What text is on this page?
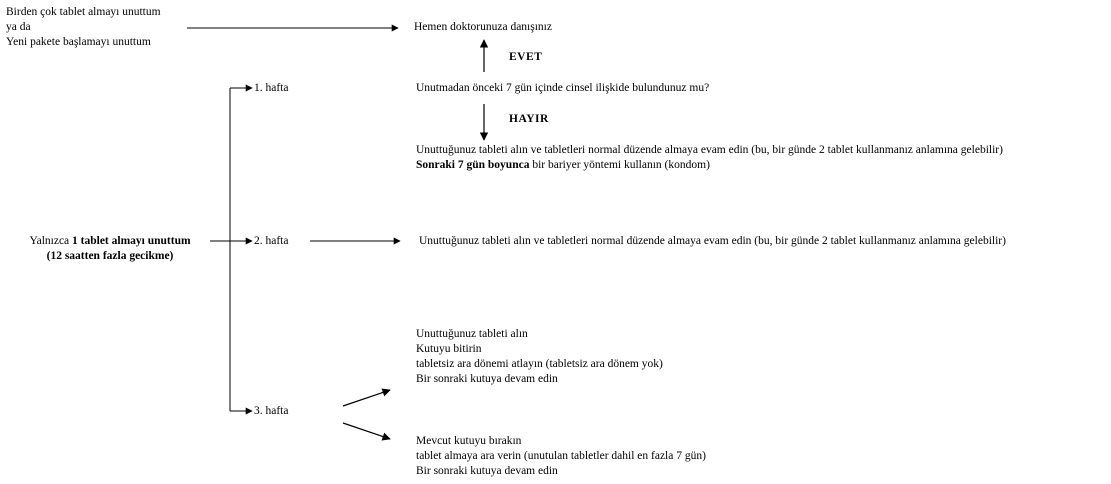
Birden çok tablet almayı unuttum
ya da
Yeni pakete başlamayı unuttum
Hemen doktorunuza danışınız
EVET
Unutmadan önceki 7 gün içinde cinsel ilişkide bulundunuz mu?
HAYIR
Unuttuğunuz tableti alın ve tabletleri normal düzende almaya evam edin (bu, bir günde 2 tablet kullanmanız anlamına gelebilir)
Sonraki 7 gün boyunca bir bariyer yöntemi kullanın (kondom)
Yalnızca 1 tablet almayı unuttum
(12 saatten fazla gecikme)
1. hafta
2. hafta
3. hafta
Unuttuğunuz tableti alın ve tabletleri normal düzende almaya evam edin (bu, bir günde 2 tablet kullanmanız anlamına gelebilir)
Unuttuğunuz tableti alın
Kutuyu bitirin
tabletsiz ara dönemi atlayın (tabletsiz ara dönem yok)
Bir sonraki kutuya devam edin
Mevcut kutuyu bırakın
tablet almaya ara verin (unutulan tabletler dahil en fazla 7 gün)
Bir sonraki kutuya devam edin
